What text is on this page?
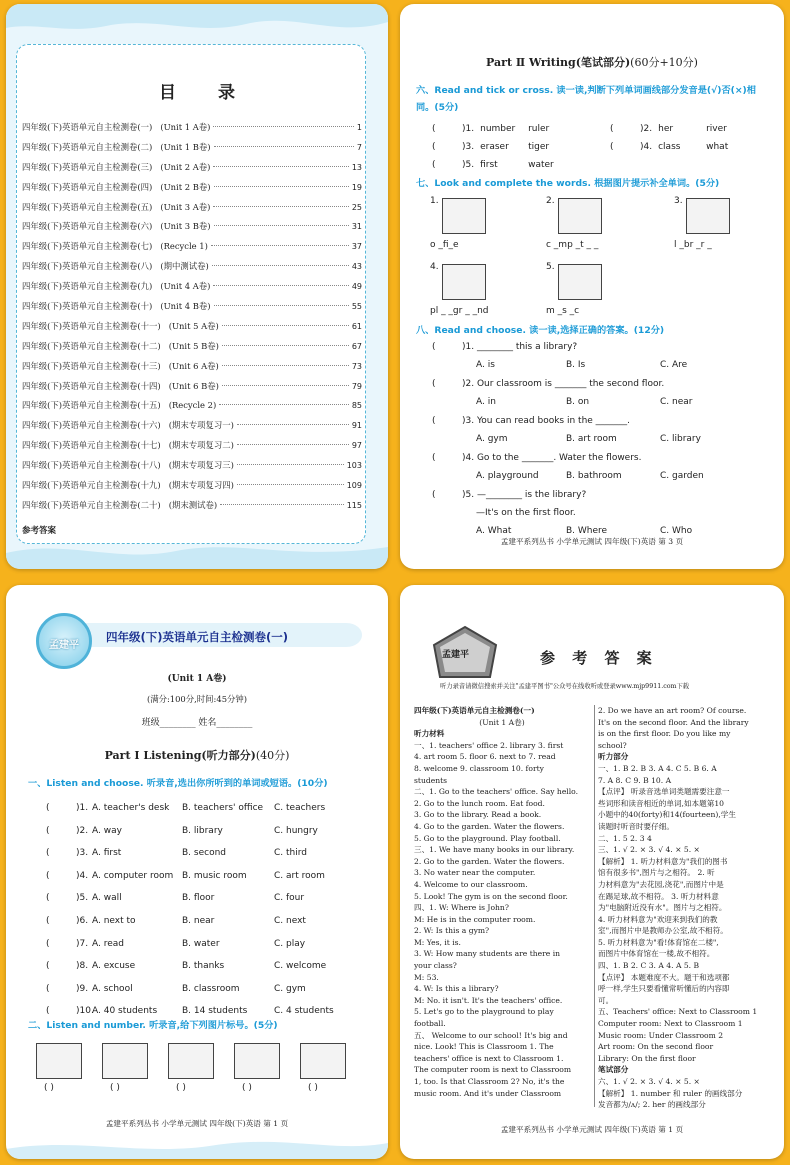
目 录
四年级(下)英语单元自主检测卷(一) (Unit 1 A卷)	1
四年级(下)英语单元自主检测卷(二) (Unit 1 B卷)	7
四年级(下)英语单元自主检测卷(三) (Unit 2 A卷)	13
四年级(下)英语单元自主检测卷(四) (Unit 2 B卷)	19
四年级(下)英语单元自主检测卷(五) (Unit 3 A卷)	25
四年级(下)英语单元自主检测卷(六) (Unit 3 B卷)	31
四年级(下)英语单元自主检测卷(七) (Recycle 1)	37
四年级(下)英语单元自主检测卷(八) (期中测试卷)	43
四年级(下)英语单元自主检测卷(九) (Unit 4 A卷)	49
四年级(下)英语单元自主检测卷(十) (Unit 4 B卷)	55
四年级(下)英语单元自主检测卷(十一) (Unit 5 A卷)	61
四年级(下)英语单元自主检测卷(十二) (Unit 5 B卷)	67
四年级(下)英语单元自主检测卷(十三) (Unit 6 A卷)	73
四年级(下)英语单元自主检测卷(十四) (Unit 6 B卷)	79
四年级(下)英语单元自主检测卷(十五) (Recycle 2)	85
四年级(下)英语单元自主检测卷(十六) (期末专项复习一)	91
四年级(下)英语单元自主检测卷(十七) (期末专项复习二)	97
四年级(下)英语单元自主检测卷(十八) (期末专项复习三)	103
四年级(下)英语单元自主检测卷(十九) (期末专项复习四)	109
四年级(下)英语单元自主检测卷(二十) (期末测试卷)	115
参考答案
Part Ⅱ Writing(笔试部分)(60分+10分)
六、Read and tick or cross. 读一读,判断下列单词画线部分发音是(√)否(×)相
同。(5分)
(	)1. number ruler	(	)2. her	river
(	)3. eraser tiger	(	)4. class	what
(	)5. first	water
七、Look and complete the words. 根据图片提示补全单词。(5分)
1.
o _fi_e
2.
c _mp _t _ _
3.
l _br _r _
4.
pl _ _gr _ _nd
5.
m _s _c
八、Read and choose. 读一读,选择正确的答案。(12分)
(	)1. ________ this a library?
A. is	B. Is	C. Are
(	)2. Our classroom is _______ the second floor.
A. in	B. on	C. near
(	)3. You can read books in the _______.
A. gym	B. art room	C. library
(	)4. Go to the _______. Water the flowers.
A. playground	B. bathroom	C. garden
(	)5. —________ is the library?
—It's on the first floor.
A. What	B. Where	C. Who
孟建平系列丛书 小学单元测试 四年级(下)英语 第 3 页
孟建平
四年级(下)英语单元自主检测卷(一)
(Unit 1 A卷)
(满分:100分,时间:45分钟)
班级________ 姓名________
Part Ⅰ Listening(听力部分)(40分)
一、Listen and choose. 听录音,选出你所听到的单词或短语。(10分)
(	)1. A. teacher's desk B. teachers' office C. teachers
(	)2. A. way	B. library	C. hungry
(	)3. A. first	B. second	C. third
(	)4. A. computer room B. music room	C. art room
(	)5. A. wall	B. floor	C. four
(	)6. A. next to	B. near	C. next
(	)7. A. read	B. water	C. play
(	)8. A. excuse	B. thanks	C. welcome
(	)9. A. school	B. classroom	C. gym
(	)10.
A. 40 students	B. 14 students	C. 4 students
二、Listen and number. 听录音,给下列图片标号。(5分)
( )	( )	( )	( )	( )
孟建平系列丛书 小学单元测试 四年级(下)英语 第 1 页
孟建平	参 考 答 案
听力录音请微信搜索并关注"孟建平图书"公众号在线收听或登录www.mjp9911.com下载
四年级(下)英语单元自主检测卷(一)
(Unit 1 A卷)
听力材料
一、1. teachers' office 2. library 3. first
4. art room 5. floor 6. next to 7. read
8. welcome 9. classroom 10. forty
students
二、1. Go to the teachers' office. Say hello.
2. Go to the lunch room. Eat food.
3. Go to the library. Read a book.
4. Go to the garden. Water the flowers.
5. Go to the playground. Play football.
三、1. We have many books in our library.
2. Go to the garden. Water the flowers.
3. No water near the computer.
4. Welcome to our classroom.
5. Look! The gym is on the second floor.
四、1. W: Where is John?
M: He is in the computer room.
2. W: Is this a gym?
M: Yes, it is.
3. W: How many students are there in
your class?
M: 53.
4. W: Is this a library?
M: No. it isn't. It's the teachers' office.
5. Let's go to the playground to play
football.
五、 Welcome to our school! It's big and
nice. Look! This is Classroom 1. The
teachers' office is next to Classroom 1.
The computer room is next to Classroom
1, too. Is that Classroom 2? No, it's the
music room. And it's under Classroom
2. Do we have an art room? Of course.
It's on the second floor. And the library
is on the first floor. Do you like my
school?
听力部分
一、1. B 2. B 3. A 4. C 5. B 6. A
7. A 8. C 9. B 10. A
【点评】 听录音选单词类题需要注意一
些词形和读音相近的单词,如本题第10
小题中的40(forty)和14(fourteen),学生
读题时听音时要仔细。
二、1. 5 2. 3 4
三、1. √ 2. × 3. √ 4. × 5. ×
【解析】 1. 听力材料意为"我们的图书
馆有很多书",图片与之相符。 2. 听
力材料意为"去花园,浇花",而图片中是
在踢足球,故不相符。 3. 听力材料意
为"电脑附近没有水"。图片与之相符。
4. 听力材料意为"欢迎来到我们的教
室",而图片中是教师办公室,故不相符。
5. 听力材料意为"看!体育馆在二楼",
而图片中体育馆在一楼,故不相符。
四、1. B 2. C 3. A 4. A 5. B
【点评】 本题难度不大。题干和选项都
呼一样,学生只要看懂常听懂后的内容即
可。
五、Teachers' office: Next to Classroom 1
Computer room: Next to Classroom 1
Music room: Under Classroom 2
Art room: On the second floor
Library: On the first floor
笔试部分
六、1. √ 2. × 3. √ 4. × 5. ×
【解析】 1. number 和 ruler 的画线部分
发音都为/ʌ/; 2. her 的画线部分
孟建平系列丛书 小学单元测试 四年级(下)英语 第 1 页
